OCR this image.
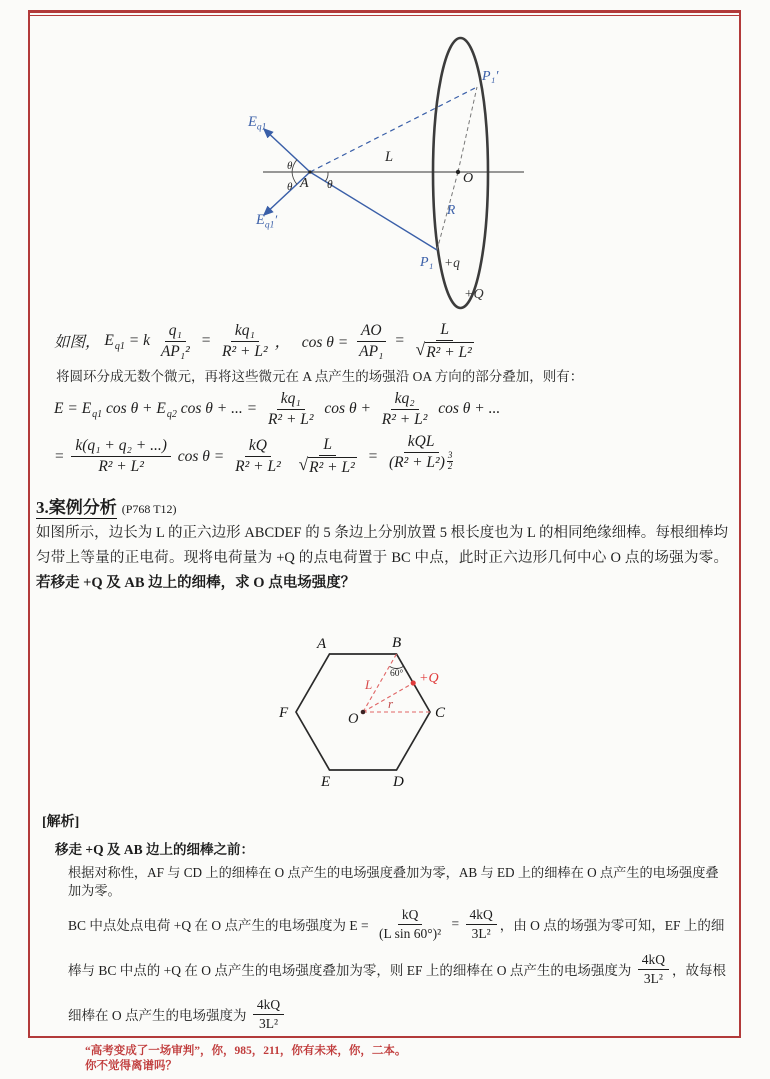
P₁′
$E_{q1}$
$E_{q1}'$
A θ
θ
θ
L
O
R
P₁ +q
+Q
如图， E q1 = k $\frac{\text{q₁}}{\text{AP₁²}} = \frac{\text{kq₁}}{\text{R² + L²}}$ ，   $\cos \theta = \frac{AO}{\text{AP₁}} = \frac{L}{\text{√ R² + L²}}$
将圆环分成无数个微元，再将这些微元在 A 点产生的场强沿 OA 方向的部分叠加，则有：
E = E q1 cos θ + E q2 cos θ + ... = $\frac{\text{kq₁}}{\text{R² + L²}}$ $\cos \theta + \frac{\text{kq₂}}{\text{R² + L²}}$ cos θ + ...
= $\frac{\text{k(q₁ + q₂ + ...)}}{\text{R² + L²}}$ $\cos \theta = \frac{kQ}{\text{R² + L²}}$
$\frac{L}{\text{√ R² + L²}}$ = kQL
(R² + L²) 3
2
3.案例分析 (P768 T12)
如图所示，边长为 L 的正六边形 ABCDEF 的 5 条边上分别放置 5 根长度也为 L 的相同绝缘细棒。每根细棒均匀带上等量的正电荷。现将电荷量为 +Q 的点电荷置于 BC 中点，此时正六边形几何中心 O 点的场强为零。若移走 +Q 及 AB 边上的细棒，求 O 点电场强度？
A	B
C
D
E
F	O
+Q
60°
L
r
[解析]
移走 +Q 及 AB 边上的细棒之前：
根据对称性，AF 与 CD 上的细棒在 O 点产生的电场强度叠加为零，AB 与 ED 上的细棒在 O 点产生的电场强度叠
加为零。
BC 中点处点电荷 +Q 在 O 点产生的电场强度为 $E = \frac{kQ}{\text{(L sin 60°)²}} = \frac{4kQ}{\text{3L²}}$ ，由 O 点的场强为零可知，EF 上的细
棒与 BC 中点的 +Q 在 O 点产生的电场强度叠加为零，则 EF 上的细棒在 O 点产生的电场强度为 $\frac{4kQ}{\text{3L²}}$ ，故每根
细棒在 O 点产生的电场强度为 $\frac{4kQ}{\text{3L²}}$
“高考变成了一场审判”，你，985，211，你有未来，你，二本。
你不觉得离谱吗？
